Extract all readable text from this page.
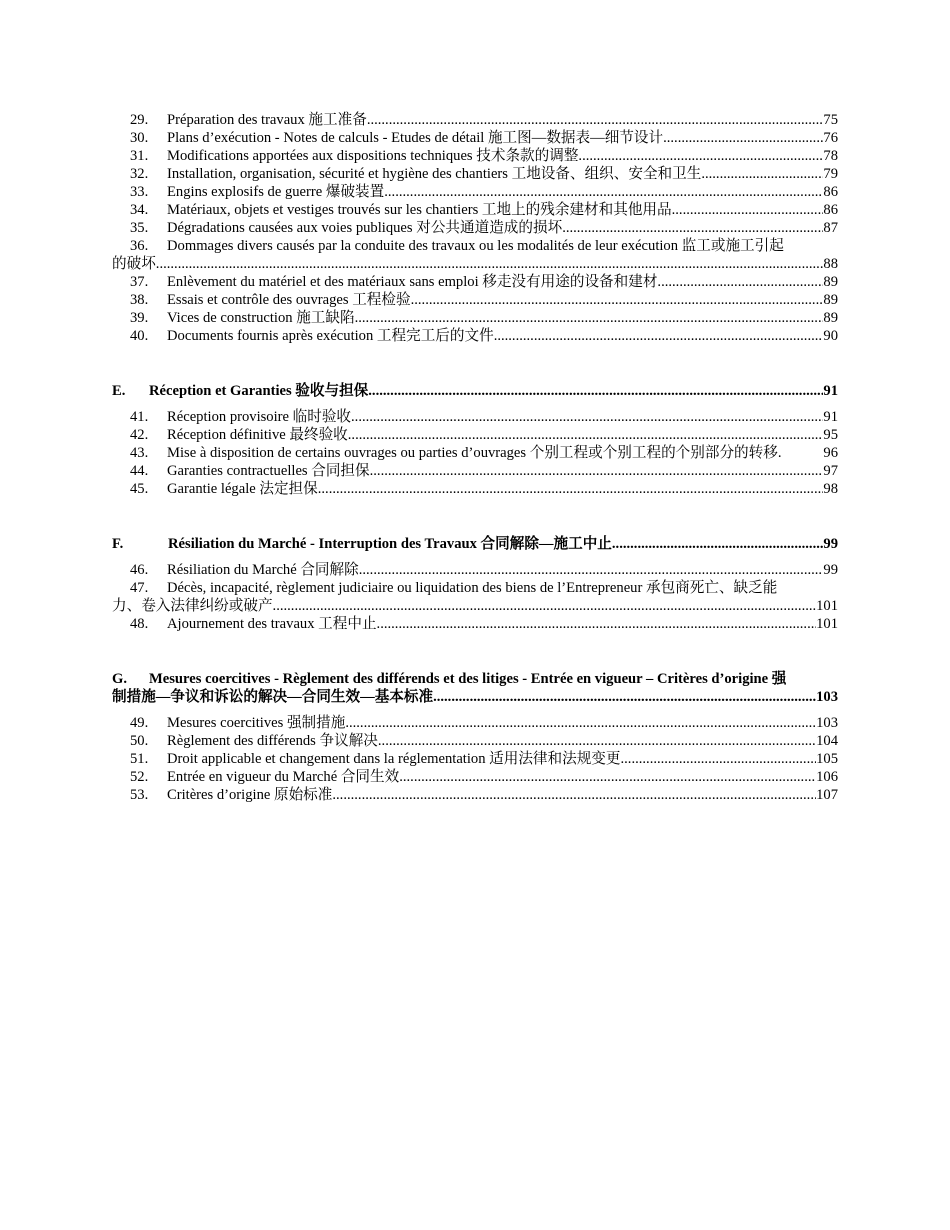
29.	Préparation des travaux 施工准备 .....	75
30.	Plans d’exécution - Notes de calculs - Etudes de détail 施工图—数据表—细节设计 .....	76
31.	Modifications apportées aux dispositions techniques 技术条款的调整 .....	78
32.	Installation, organisation, sécurité et hygiène des chantiers 工地设备、组织、安全和卫生 .....	79
33.	Engins explosifs de guerre 爆破装置 .....	86
34.	Matériaux, objets et vestiges trouvés sur les chantiers 工地上的残余建材和其他用品 .....	86
35.	Dégradations causées aux voies publiques 对公共通道造成的损坏 .....	87
36. Dommages divers causés par la conduite des travaux ou les modalités de leur exécution 监工或施工引起
的破坏 .....	88
37.	Enlèvement du matériel et des matériaux sans emploi 移走没有用途的设备和建材 .....	89
38.	Essais et contrôle des ouvrages 工程检验 .....	89
39.	Vices de construction 施工缺陷 .....	89
40.	Documents fournis après exécution 工程完工后的文件 .....	90
E.	Réception et Garanties 验收与担保 .....	91
41.	Réception provisoire 临时验收 .....	91
42.	Réception définitive 最终验收 .....	95
43.	Mise à disposition de certains ouvrages ou parties d’ouvrages 个别工程或个别工程的个别部分的转移.	96
44.	Garanties contractuelles 合同担保 .....	97
45.	Garantie légale 法定担保 .....	98
F.	Résiliation du Marché - Interruption des Travaux 合同解除—施工中止 .....	99
46.	Résiliation du Marché 合同解除 .....	99
47. Décès, incapacité, règlement judiciaire ou liquidation des biens de l’Entrepreneur 承包商死亡、缺乏能
力、卷入法律纠纷或破产 .....	101
48.	Ajournement des travaux 工程中止 .....	101
G. Mesures coercitives - Règlement des différends et des litiges - Entrée en vigueur – Critères d’origine 强
制措施—争议和诉讼的解决—合同生效—基本标准 .....	103
49.	Mesures coercitives 强制措施 .....	103
50.	Règlement des différends 争议解决 .....	104
51.	Droit applicable et changement dans la réglementation 适用法律和法规变更 .....	105
52.	Entrée en vigueur du Marché 合同生效 .....	106
53.	Critères d’origine 原始标准 .....	107
